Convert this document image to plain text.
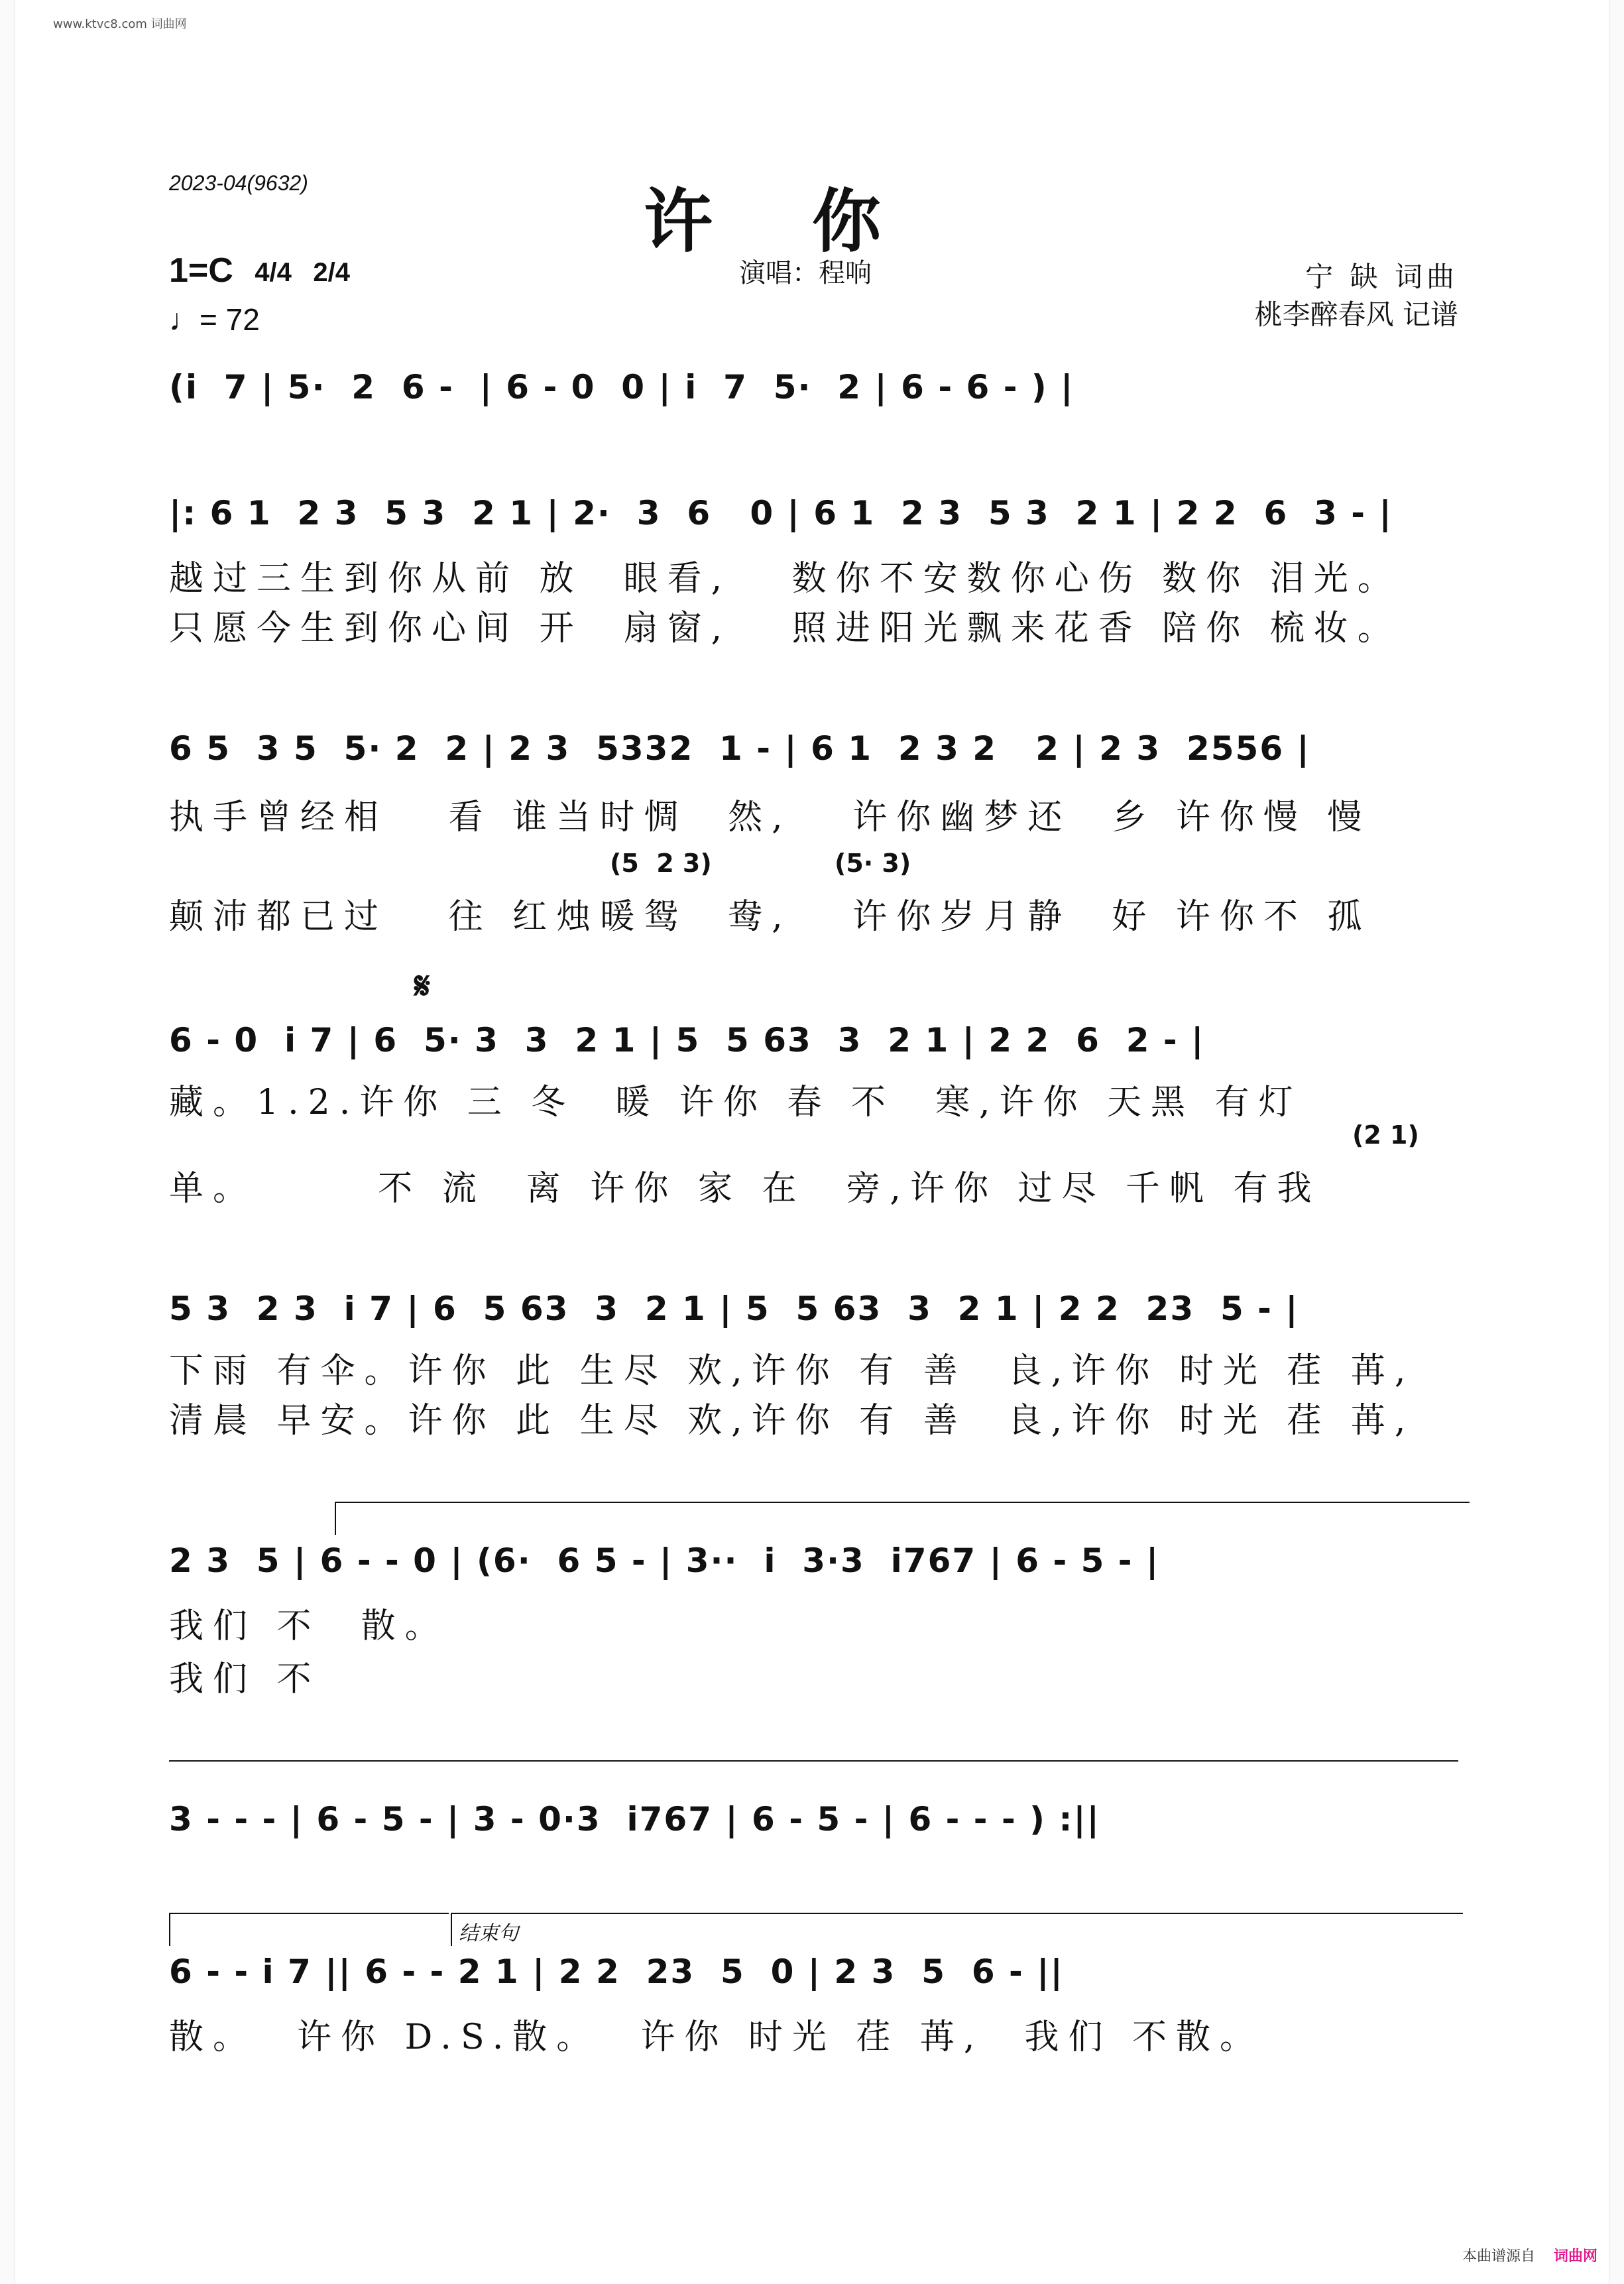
www.ktvc8.com 词曲网
2023-04(9632)	许你
1=C 4/4 2/4
♩= 72
演唱：程响	宁 缺 词曲
桃李醉春风 记谱
(i  7 | 5·  2  6 -  | 6 - 0  0 | i  7  5·  2 | 6 - 6 - ) |
|: 6 1  2 3  5 3  2 1 | 2·  3  6   0 | 6 1  2 3  5 3  2 1 | 2 2  6  3 - |
越过三生到你从前 放  眼看,   数你不安数你心伤 数你 泪光。
只愿今生到你心间 开  扇窗,   照进阳光飘来花香 陪你 梳妆。
6 5  3 5  5· 2  2 | 2 3  5332  1 - | 6 1  2 3 2   2 | 2 3  2556 |
执手曾经相   看 谁当时惆  然,   许你幽梦还  乡 许你慢 慢
(5  2 3)              (5· 3)
颠沛都已过   往 红烛暖鸳  鸯,   许你岁月静  好 许你不 孤
𝄋
6 - 0  i 7 | 6  5· 3  3  2 1 | 5  5 63  3  2 1 | 2 2  6  2 - |
藏。1.2.许你 三 冬  暖 许你 春 不  寒,许你 天黑 有灯
(2 1)
单。      不 流  离 许你 家 在  旁,许你 过尽 千帆 有我
5 3  2 3  i 7 | 6  5 63  3  2 1 | 5  5 63  3  2 1 | 2 2  23  5 - |
下雨 有伞。许你 此 生尽 欢,许你 有 善  良,许你 时光 荏 苒,
清晨 早安。许你 此 生尽 欢,许你 有 善  良,许你 时光 荏 苒,
2 3  5 | 6 - - 0 | (6·  6 5 - | 3··  i  3·3  i767 | 6 - 5 - |
我们 不  散。
我们 不
3 - - - | 6 - 5 - | 3 - 0·3  i767 | 6 - 5 - | 6 - - - ) :||
结束句
6 - - i 7 || 6 - - 2 1 | 2 2  23  5  0 | 2 3  5  6 - ||
散。  许你 D.S.散。  许你 时光 荏 苒,  我们 不散。
本曲谱源自 词曲网
